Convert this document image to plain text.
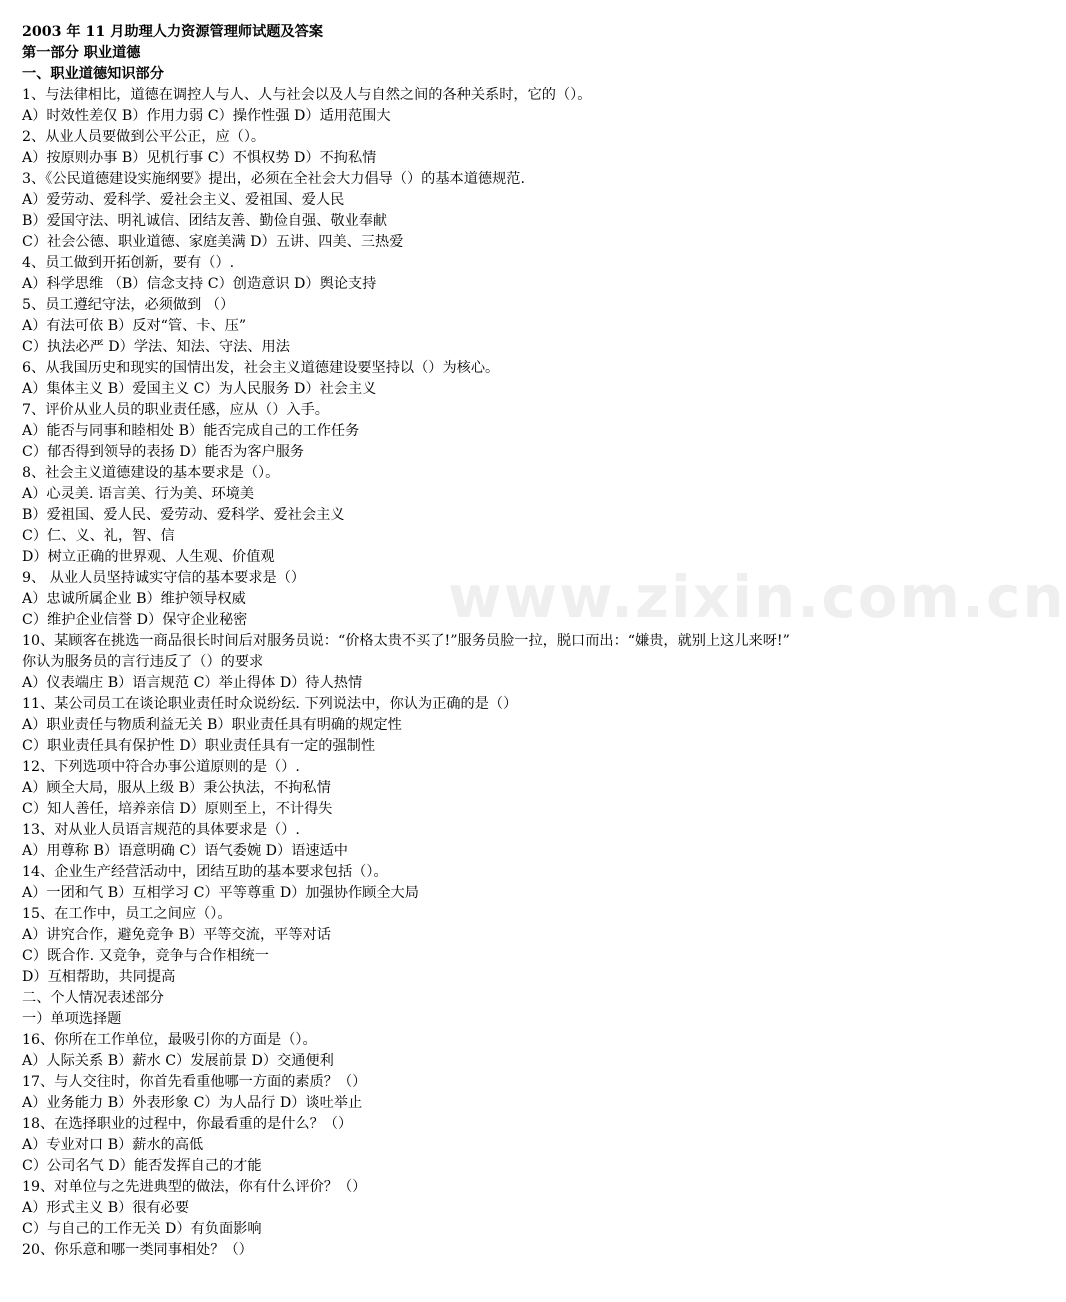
2003 年 11 月助理人力资源管理师试题及答案
第一部分 职业道德
一、职业道德知识部分
1、与法律相比，道德在调控人与人、人与社会以及人与自然之间的各种关系时，它的（）。
A）时效性差仅 B）作用力弱 C）操作性强 D）适用范围大
2、从业人员要做到公平公正，应（）。
A）按原则办事 B）见机行事 C）不惧权势 D）不拘私情
3、《公民道德建设实施纲要》提出，必须在全社会大力倡导（）的基本道德规范.
A）爱劳动、爱科学、爱社会主义、爱祖国、爱人民
B）爱国守法、明礼诚信、团结友善、勤俭自强、敬业奉献
C）社会公德、职业道德、家庭美满 D）五讲、四美、三热爱
4、员工做到开拓创新，要有（）.
A）科学思维 （B）信念支持 C）创造意识 D）舆论支持
5、员工遵纪守法，必须做到 （）
A）有法可依 B）反对“管、卡、压”
C）执法必严 D）学法、知法、守法、用法
6、从我国历史和现实的国情出发，社会主义道德建设要坚持以（）为核心。
A）集体主义 B）爱国主义 C）为人民服务 D）社会主义
7、评价从业人员的职业责任感，应从（）入手。
A）能否与同事和睦相处 B）能否完成自己的工作任务
C）郁否得到领导的表扬 D）能否为客户服务
8、社会主义道德建设的基本要求是（）。
A）心灵美. 语言美、行为美、环境美
B）爱祖国、爱人民、爱劳动、爱科学、爱社会主义
C）仁、义、礼，智、信
D）树立正确的世界观、人生观、价值观
9、 从业人员坚持诚实守信的基本要求是（）
A）忠诚所属企业 B）维护领导权威
C）维护企业信誉 D）保守企业秘密
10、某顾客在挑选一商品很长时间后对服务员说：“价格太贵不买了!”服务员脸一拉，脱口而出：“嫌贵，就别上这儿来呀!”
你认为服务员的言行违反了（）的要求
A）仪表端庄 B）语言规范 C）举止得体 D）待人热情
11、某公司员工在谈论职业责任时众说纷纭. 下列说法中，你认为正确的是（）
A）职业责任与物质利益无关 B）职业责任具有明确的规定性
C）职业责任具有保护性 D）职业责任具有一定的强制性
12、下列选项中符合办事公道原则的是（）.
A）顾全大局，服从上级 B）秉公执法，不拘私情
C）知人善任，培养亲信 D）原则至上，不计得失
13、对从业人员语言规范的具体要求是（）.
A）用尊称 B）语意明确 C）语气委婉 D）语速适中
14、企业生产经营活动中，团结互助的基本要求包括（）。
A）一团和气 B）互相学习 C）平等尊重 D）加强协作顾全大局
15、在工作中，员工之间应（）。
A）讲究合作，避免竞争 B）平等交流，平等对话
C）既合作. 又竞争，竞争与合作相统一
D）互相帮助，共同提高
二、个人情况表述部分
一）单项选择题
16、你所在工作单位，最吸引你的方面是（）。
A）人际关系 B）薪水 C）发展前景 D）交通便利
17、与人交往时，你首先看重他哪一方面的素质？（）
A）业务能力 B）外表形象 C）为人品行 D）谈吐举止
18、在选择职业的过程中，你最看重的是什么？（）
A）专业对口 B）薪水的高低
C）公司名气 D）能否发挥自己的才能
19、对单位与之先进典型的做法，你有什么评价？（）
A）形式主义 B）很有必要
C）与自己的工作无关 D）有负面影响
20、你乐意和哪一类同事相处？（）
www.zixin.com.cn
